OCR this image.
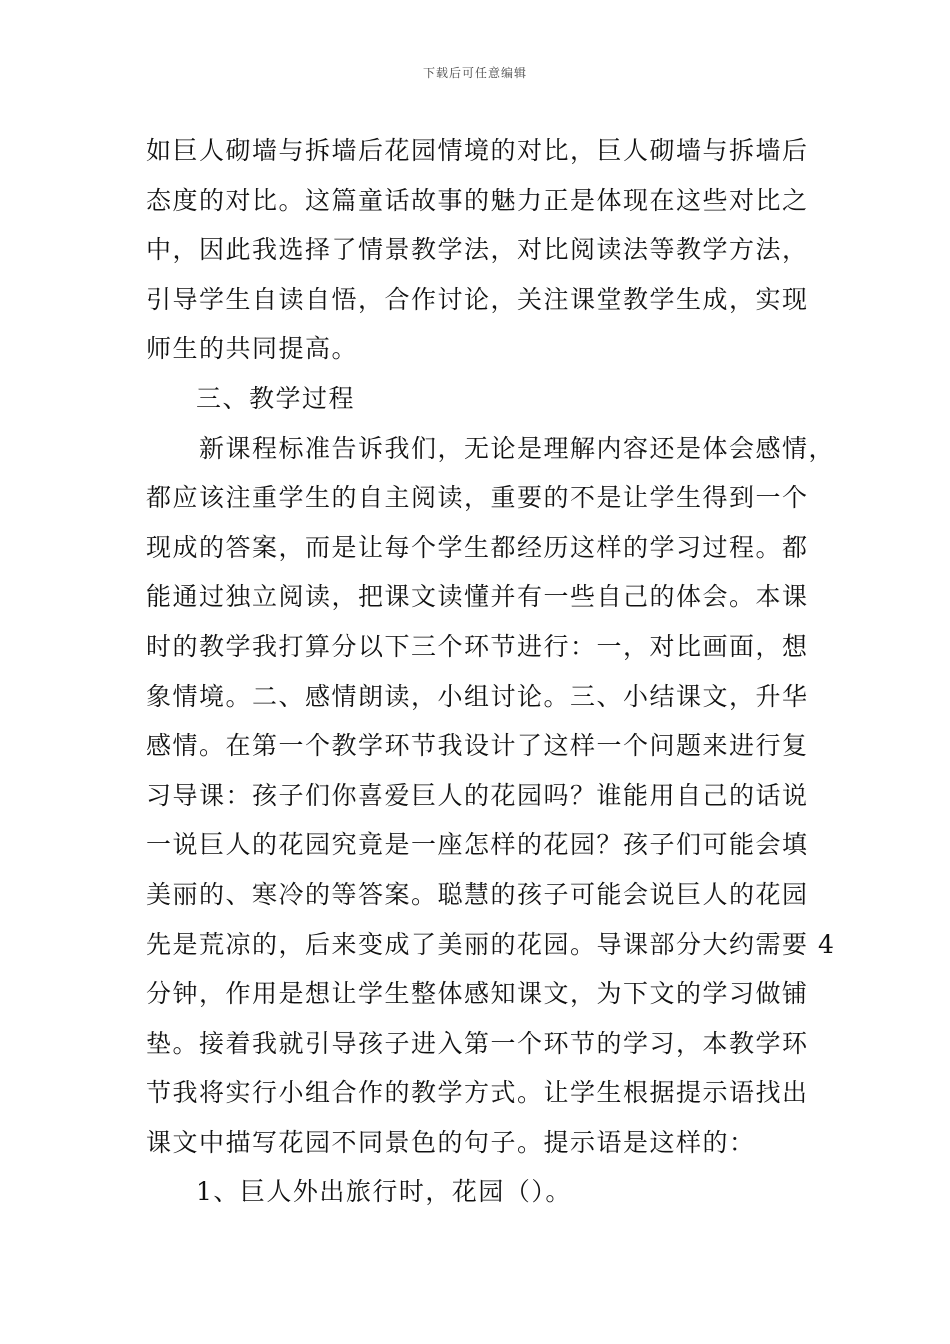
下载后可任意编辑
如巨人砌墙与拆墙后花园情境的对比，巨人砌墙与拆墙后
态度的对比。这篇童话故事的魅力正是体现在这些对比之
中，因此我选择了情景教学法，对比阅读法等教学方法，
引导学生自读自悟，合作讨论，关注课堂教学生成，实现
师生的共同提高。
三、教学过程
新课程标准告诉我们，无论是理解内容还是体会感情，
都应该注重学生的自主阅读，重要的不是让学生得到一个
现成的答案，而是让每个学生都经历这样的学习过程。都
能通过独立阅读，把课文读懂并有一些自己的体会。本课
时的教学我打算分以下三个环节进行：一，对比画面，想
象情境。二、感情朗读，小组讨论。三、小结课文，升华
感情。在第一个教学环节我设计了这样一个问题来进行复
习导课：孩子们你喜爱巨人的花园吗？谁能用自己的话说
一说巨人的花园究竟是一座怎样的花园？孩子们可能会填
美丽的、寒冷的等答案。聪慧的孩子可能会说巨人的花园
先是荒凉的，后来变成了美丽的花园。导课部分大约需要 4
分钟，作用是想让学生整体感知课文，为下文的学习做铺
垫。接着我就引导孩子进入第一个环节的学习，本教学环
节我将实行小组合作的教学方式。让学生根据提示语找出
课文中描写花园不同景色的句子。提示语是这样的：
1、巨人外出旅行时，花园（）。
